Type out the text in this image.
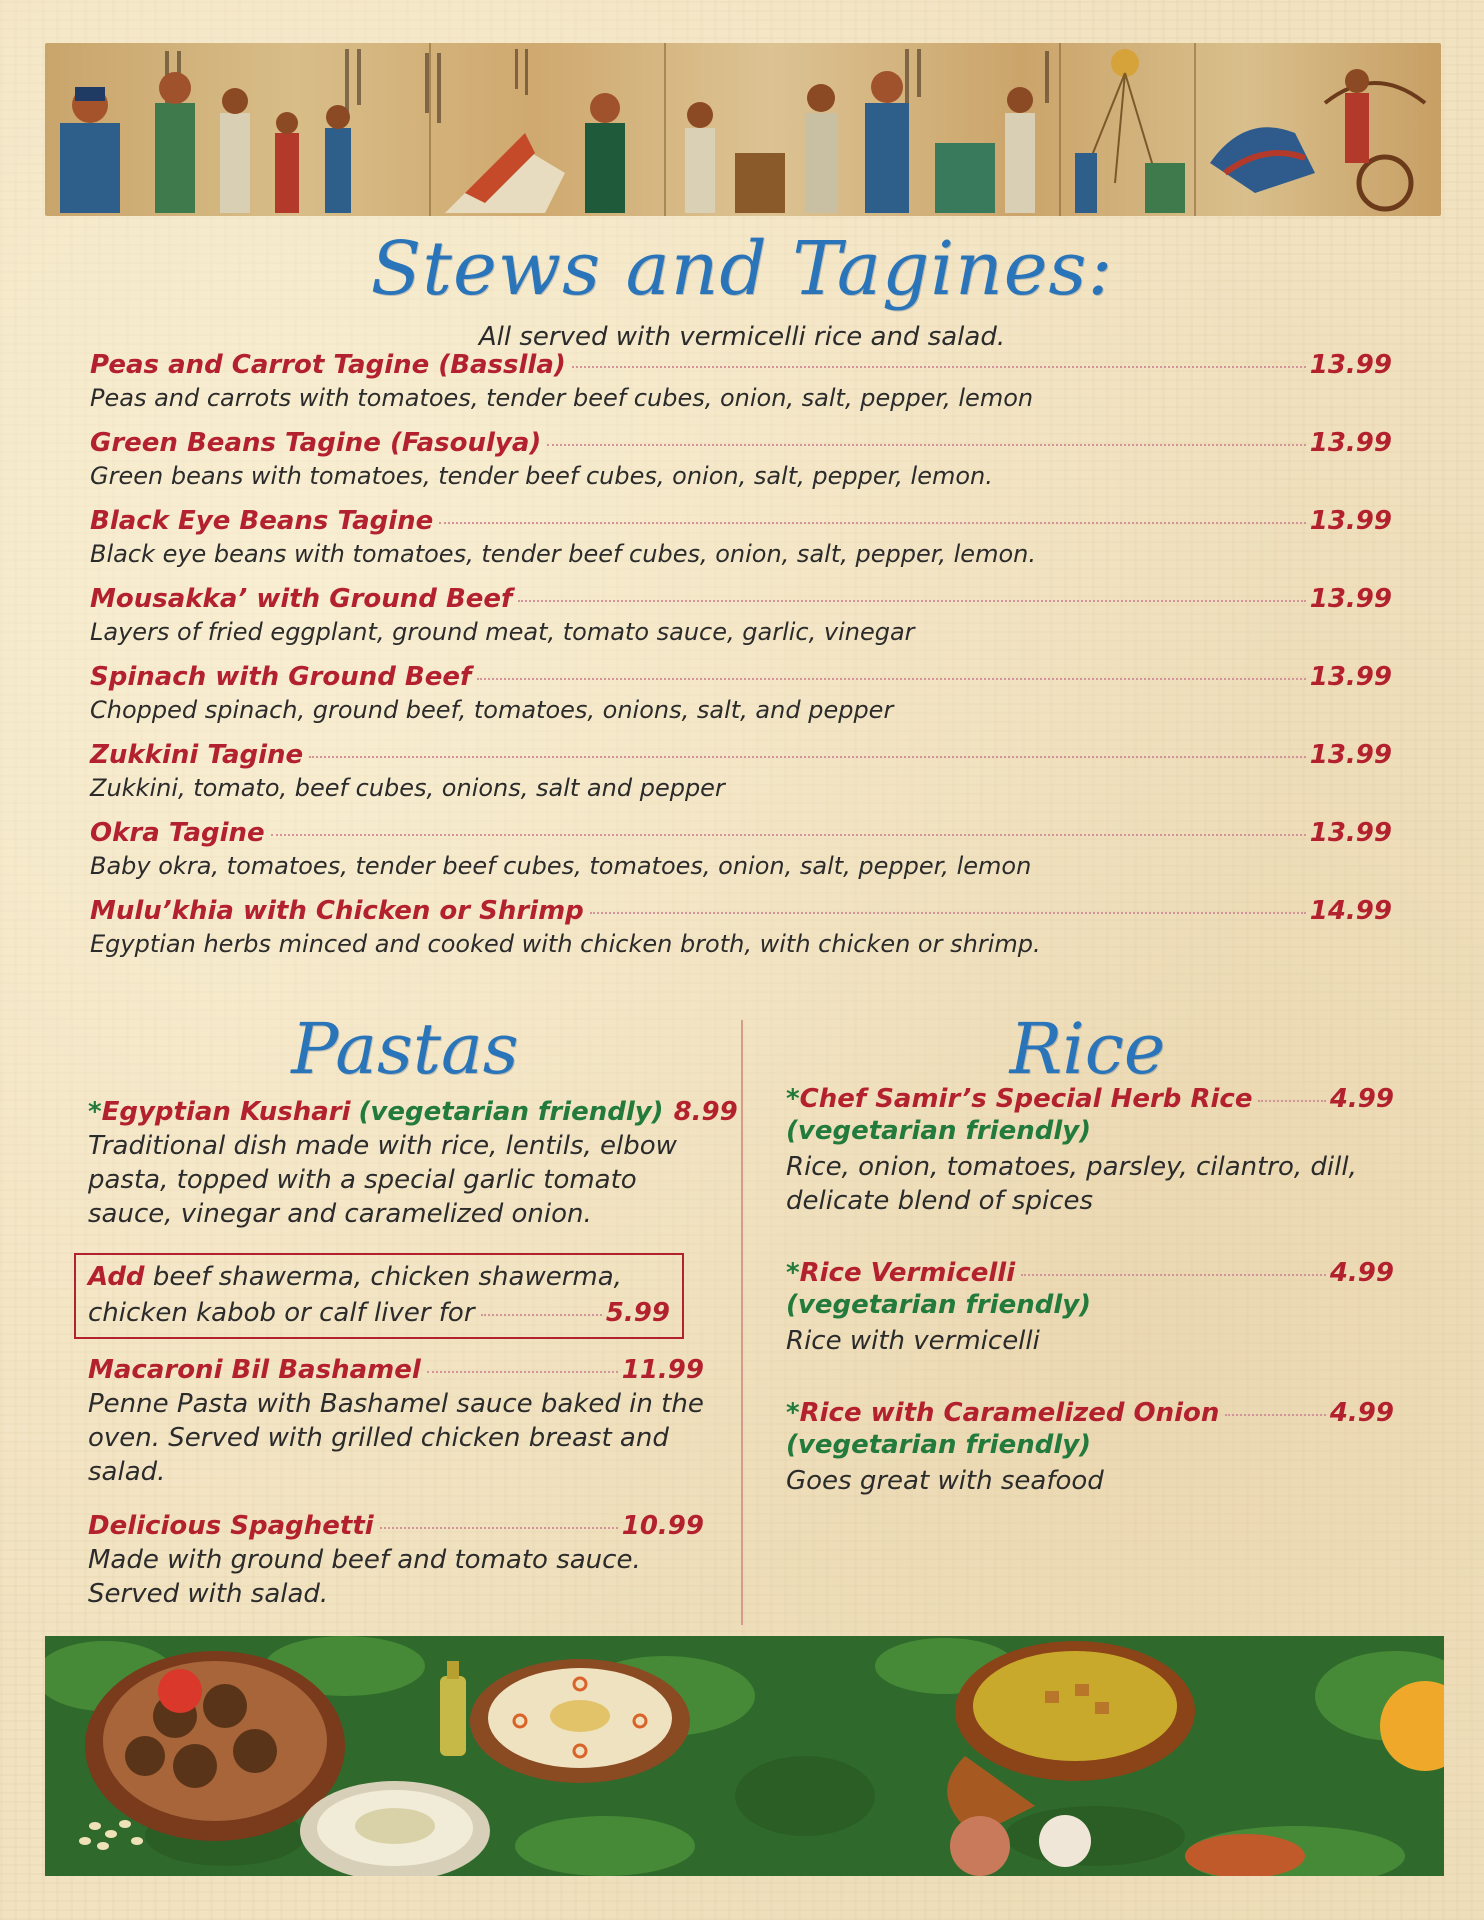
Stews and Tagines:
All served with vermicelli rice and salad.
Peas and Carrot Tagine (Basslla)	13.99
Peas and carrots with tomatoes, tender beef cubes, onion, salt, pepper, lemon
Green Beans Tagine (Fasoulya)	13.99
Green beans with tomatoes, tender beef cubes, onion, salt, pepper, lemon.
Black Eye Beans Tagine	13.99
Black eye beans with tomatoes, tender beef cubes, onion, salt, pepper, lemon.
Mousakka’ with Ground Beef	13.99
Layers of fried eggplant, ground meat, tomato sauce, garlic, vinegar
Spinach with Ground Beef	13.99
Chopped spinach, ground beef, tomatoes, onions, salt, and pepper
Zukkini Tagine	13.99
Zukkini, tomato, beef cubes, onions, salt and pepper
Okra Tagine	13.99
Baby okra, tomatoes, tender beef cubes, tomatoes, onion, salt, pepper, lemon
Mulu’khia with Chicken or Shrimp	14.99
Egyptian herbs minced and cooked with chicken broth, with chicken or shrimp.
Pastas	Rice
*Egyptian Kushari (vegetarian friendly) 8.99
Traditional dish made with rice, lentils, elbow pasta, topped with a special garlic tomato sauce, vinegar and caramelized onion.
Add beef shawerma, chicken shawerma,
chicken kabob or calf liver for	5.99
Macaroni Bil Bashamel	11.99
Penne Pasta with Bashamel sauce baked in the oven. Served with grilled chicken breast and salad.
Delicious Spaghetti	10.99
Made with ground beef and tomato sauce. Served with salad.
*Chef Samir’s Special Herb Rice	4.99
(vegetarian friendly)
Rice, onion, tomatoes, parsley, cilantro, dill, delicate blend of spices
*Rice Vermicelli	4.99
(vegetarian friendly)
Rice with vermicelli
*Rice with Caramelized Onion	4.99
(vegetarian friendly)
Goes great with seafood
